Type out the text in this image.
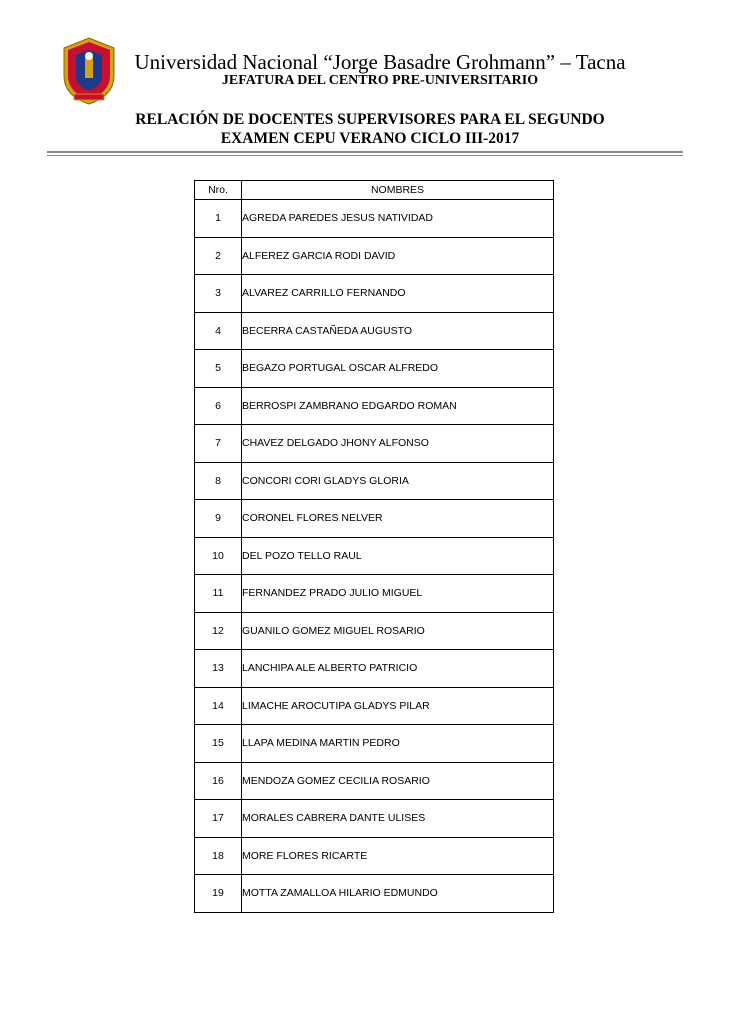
Universidad Nacional “Jorge Basadre Grohmann” – Tacna
JEFATURA DEL CENTRO PRE-UNIVERSITARIO
RELACIÓN DE DOCENTES SUPERVISORES PARA EL SEGUNDO
EXAMEN CEPU VERANO CICLO III-2017
Nro.	NOMBRES
1	AGREDA PAREDES JESUS NATIVIDAD
2	ALFEREZ GARCIA RODI DAVID
3	ALVAREZ CARRILLO FERNANDO
4	BECERRA CASTAÑEDA AUGUSTO
5	BEGAZO PORTUGAL OSCAR ALFREDO
6	BERROSPI ZAMBRANO EDGARDO ROMAN
7	CHAVEZ DELGADO JHONY ALFONSO
8	CONCORI CORI GLADYS GLORIA
9	CORONEL FLORES NELVER
10	DEL POZO TELLO RAUL
11	FERNANDEZ PRADO JULIO MIGUEL
12	GUANILO GOMEZ MIGUEL ROSARIO
13	LANCHIPA ALE ALBERTO PATRICIO
14	LIMACHE AROCUTIPA GLADYS PILAR
15	LLAPA MEDINA MARTIN PEDRO
16	MENDOZA GOMEZ CECILIA ROSARIO
17	MORALES CABRERA DANTE ULISES
18	MORE FLORES RICARTE
19	MOTTA ZAMALLOA HILARIO EDMUNDO
